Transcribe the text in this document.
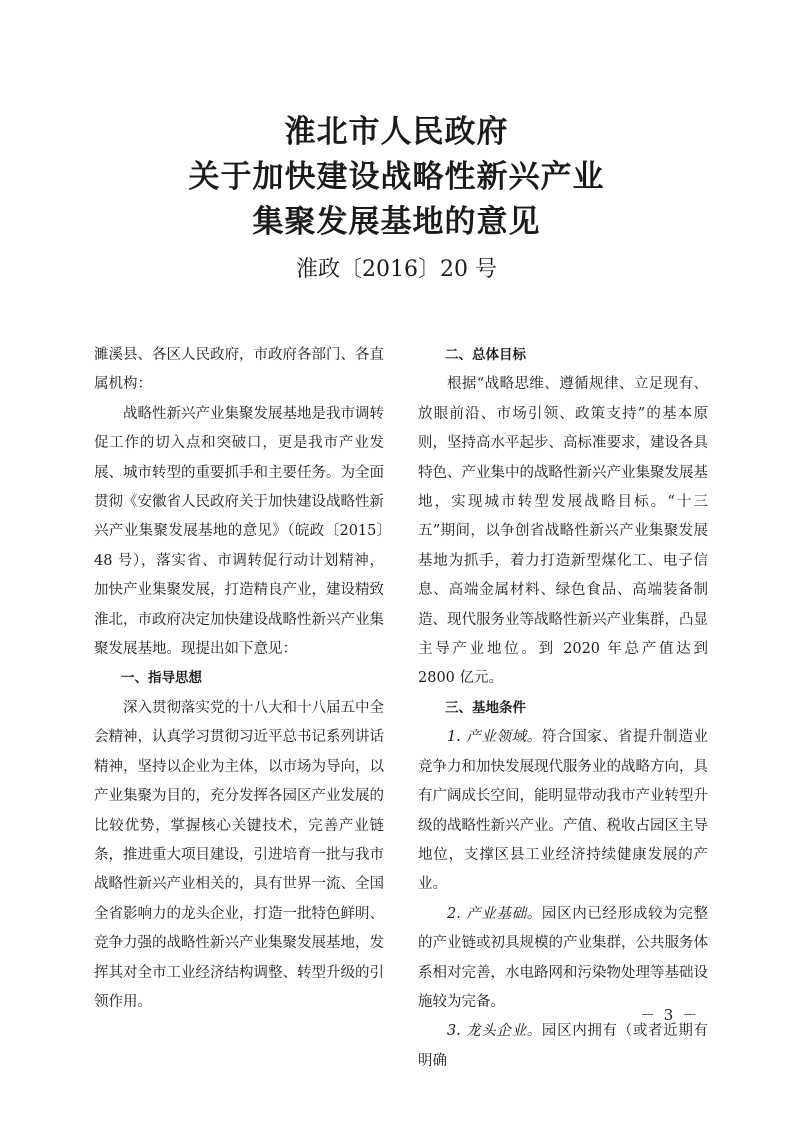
淮北市人民政府
关于加快建设战略性新兴产业
集聚发展基地的意见
淮政〔2016〕20 号

濉溪县、各区人民政府，市政府各部门、各直属机构：

战略性新兴产业集聚发展基地是我市调转促工作的切入点和突破口，更是我市产业发展、城市转型的重要抓手和主要任务。为全面贯彻《安徽省人民政府关于加快建设战略性新兴产业集聚发展基地的意见》（皖政〔2015〕48 号），落实省、市调转促行动计划精神，加快产业集聚发展，打造精良产业，建设精致淮北，市政府决定加快建设战略性新兴产业集聚发展基地。现提出如下意见：

一、指导思想

深入贯彻落实党的十八大和十八届五中全会精神，认真学习贯彻习近平总书记系列讲话精神，坚持以企业为主体，以市场为导向，以产业集聚为目的，充分发挥各园区产业发展的比较优势，掌握核心关键技术，完善产业链条，推进重大项目建设，引进培育一批与我市战略性新兴产业相关的，具有世界一流、全国全省影响力的龙头企业，打造一批特色鲜明、竞争力强的战略性新兴产业集聚发展基地，发挥其对全市工业经济结构调整、转型升级的引领作用。

二、总体目标

根据“战略思维、遵循规律、立足现有、放眼前沿、市场引领、政策支持”的基本原则，坚持高水平起步、高标准要求，建设各具特色、产业集中的战略性新兴产业集聚发展基地，实现城市转型发展战略目标。“十三五”期间，以争创省战略性新兴产业集聚发展基地为抓手，着力打造新型煤化工、电子信息、高端金属材料、绿色食品、高端装备制造、现代服务业等战略性新兴产业集群，凸显主导产业地位。到 2020 年总产值达到 2800 亿元。

三、基地条件

1. 产业领域。符合国家、省提升制造业竞争力和加快发展现代服务业的战略方向，具有广阔成长空间，能明显带动我市产业转型升级的战略性新兴产业。产值、税收占园区主导地位，支撑区县工业经济持续健康发展的产业。

2. 产业基础。园区内已经形成较为完整的产业链或初具规模的产业集群，公共服务体系相对完善，水电路网和污染物处理等基础设施较为完备。

3. 龙头企业。园区内拥有（或者近期有明确

－ 3 －
